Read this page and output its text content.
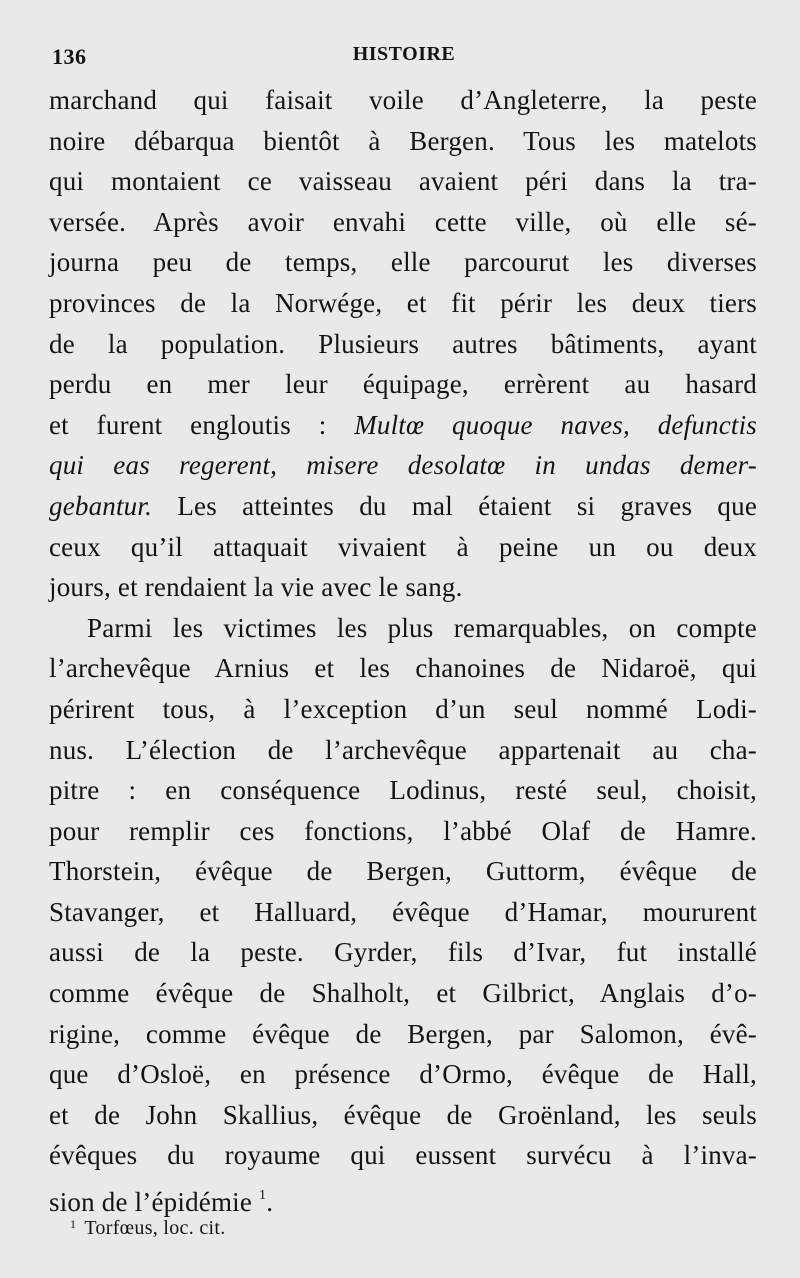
136	HISTOIRE
marchand qui faisait voile d’Angleterre, la peste
noire débarqua bientôt à Bergen. Tous les matelots
qui montaient ce vaisseau avaient péri dans la tra-
versée. Après avoir envahi cette ville, où elle sé-
journa peu de temps, elle parcourut les diverses
provinces de la Norwége, et fit périr les deux tiers
de la population. Plusieurs autres bâtiments, ayant
perdu en mer leur équipage, errèrent au hasard
et furent engloutis : Multœ quoque naves, defunctis
qui eas regerent, misere desolatœ in undas demer-
gebantur. Les atteintes du mal étaient si graves que
ceux qu’il attaquait vivaient à peine un ou deux
jours, et rendaient la vie avec le sang.
Parmi les victimes les plus remarquables, on compte
l’archevêque Arnius et les chanoines de Nidaroë, qui
périrent tous, à l’exception d’un seul nommé Lodi-
nus. L’élection de l’archevêque appartenait au cha-
pitre : en conséquence Lodinus, resté seul, choisit,
pour remplir ces fonctions, l’abbé Olaf de Hamre.
Thorstein, évêque de Bergen, Guttorm, évêque de
Stavanger, et Halluard, évêque d’Hamar, moururent
aussi de la peste. Gyrder, fils d’Ivar, fut installé
comme évêque de Shalholt, et Gilbrict, Anglais d’o-
rigine, comme évêque de Bergen, par Salomon, évê-
que d’Osloë, en présence d’Ormo, évêque de Hall,
et de John Skallius, évêque de Groënland, les seuls
évêques du royaume qui eussent survécu à l’inva-
sion de l’épidémie $^1$.
$^1$ Torfœus, loc. cit.
